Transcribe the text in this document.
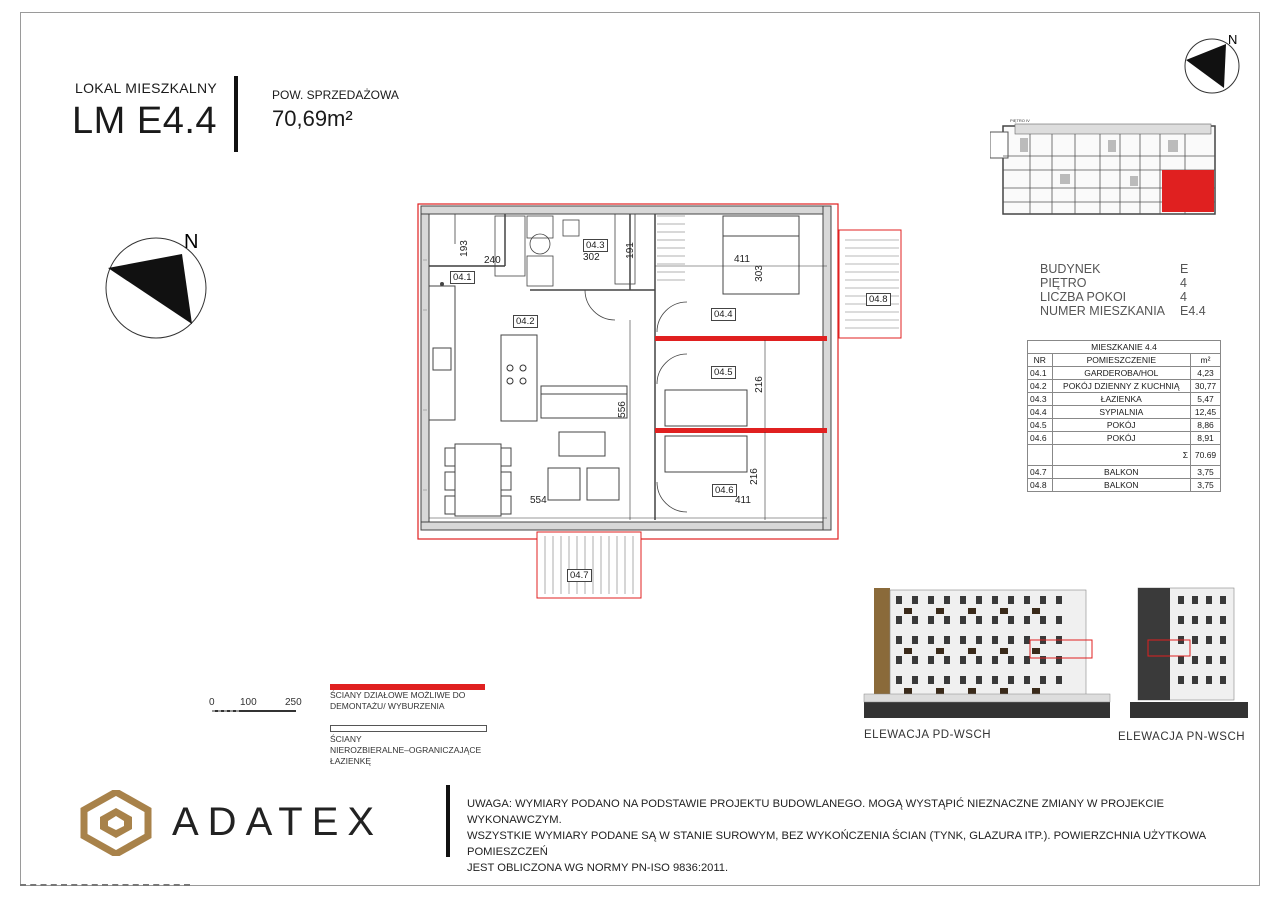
LOKAL MIESZKALNY
LM E4.4
POW. SPRZEDAŻOWA
70,69m²
N
PIĘTRO IV
BUDYNEK	E
PIĘTRO	4
LICZBA POKOI	4
NUMER MIESZKANIA E4.4
MIESZKANIE 4.4		
NR	POMIESZCZENIE	m²
04.1	GARDEROBA/HOL	4,23
04.2	POKÓJ DZIENNY Z KUCHNIĄ	30,77
04.3	ŁAZIENKA	5,47
04.4	SYPIALNIA	12,45
04.5	POKÓJ	8,86
04.6	POKÓJ	8,91
	Σ	70.69
04.7	BALKON	3,75
04.8	BALKON	3,75
N
04.1
04.2
04.3
04.4
04.5
04.6
04.7
04.8
193
240	302	191
411
303
556
216
216
554	411
0	100	250
ŚCIANY DZIAŁOWE MOŻLIWE DO DEMONTAŻU/ WYBURZENIA
ŚCIANY
NIEROZBIERALNE–OGRANICZAJĄCE
ŁAZIENKĘ
ELEWACJA PD-WSCH	ELEWACJA PN-WSCH
ADATEX	UWAGA: WYMIARY PODANO NA PODSTAWIE PROJEKTU BUDOWLANEGO. MOGĄ WYSTĄPIĆ NIEZNACZNE ZMIANY W PROJEKCIE WYKONAWCZYM.
WSZYSTKIE WYMIARY PODANE SĄ W STANIE SUROWYM, BEZ WYKOŃCZENIA ŚCIAN (TYNK, GLAZURA ITP.). POWIERZCHNIA UŻYTKOWA POMIESZCZEŃ
JEST OBLICZONA WG NORMY PN-ISO 9836:2011.
